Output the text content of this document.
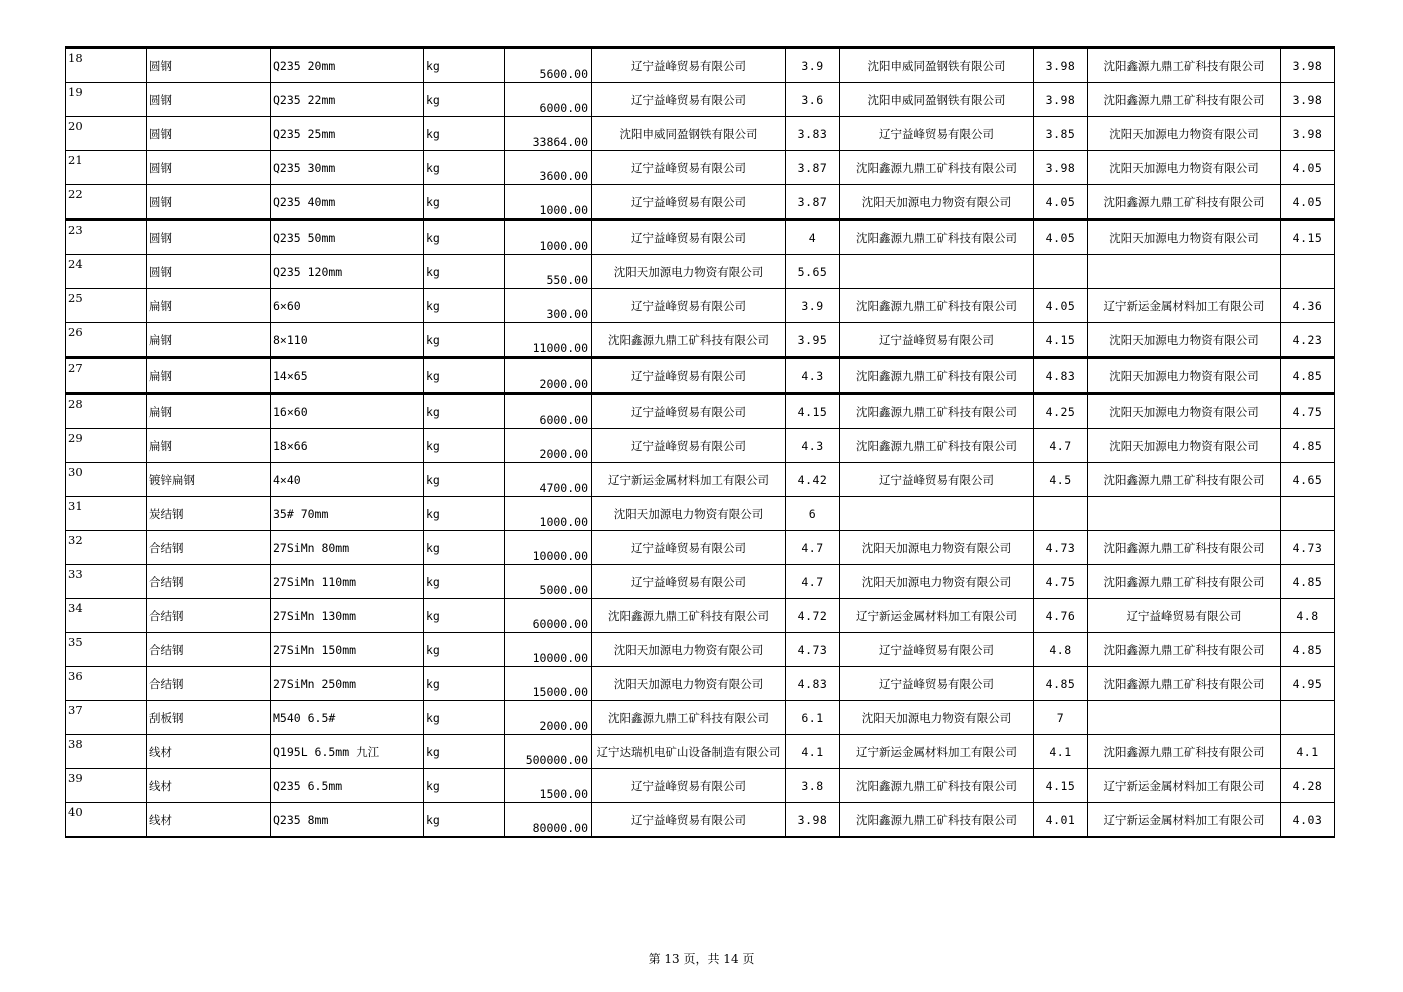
18	圆钢	Q235 20mm	kg	5600.00	辽宁益峰贸易有限公司	3.9	沈阳申威同盈钢铁有限公司	3.98	沈阳鑫源九鼎工矿科技有限公司	3.98
19	圆钢	Q235 22mm	kg	6000.00	辽宁益峰贸易有限公司	3.6	沈阳申威同盈钢铁有限公司	3.98	沈阳鑫源九鼎工矿科技有限公司	3.98
20	圆钢	Q235 25mm	kg	33864.00	沈阳申威同盈钢铁有限公司	3.83	辽宁益峰贸易有限公司	3.85	沈阳天加源电力物资有限公司	3.98
21	圆钢	Q235 30mm	kg	3600.00	辽宁益峰贸易有限公司	3.87	沈阳鑫源九鼎工矿科技有限公司	3.98	沈阳天加源电力物资有限公司	4.05
22	圆钢	Q235 40mm	kg	1000.00	辽宁益峰贸易有限公司	3.87	沈阳天加源电力物资有限公司	4.05	沈阳鑫源九鼎工矿科技有限公司	4.05
23	圆钢	Q235 50mm	kg	1000.00	辽宁益峰贸易有限公司	4	沈阳鑫源九鼎工矿科技有限公司	4.05	沈阳天加源电力物资有限公司	4.15
24	圆钢	Q235 120mm	kg	550.00	沈阳天加源电力物资有限公司	5.65				
25	扁钢	6×60	kg	300.00	辽宁益峰贸易有限公司	3.9	沈阳鑫源九鼎工矿科技有限公司	4.05	辽宁新运金属材料加工有限公司	4.36
26	扁钢	8×110	kg	11000.00	沈阳鑫源九鼎工矿科技有限公司	3.95	辽宁益峰贸易有限公司	4.15	沈阳天加源电力物资有限公司	4.23
27	扁钢	14×65	kg	2000.00	辽宁益峰贸易有限公司	4.3	沈阳鑫源九鼎工矿科技有限公司	4.83	沈阳天加源电力物资有限公司	4.85
28	扁钢	16×60	kg	6000.00	辽宁益峰贸易有限公司	4.15	沈阳鑫源九鼎工矿科技有限公司	4.25	沈阳天加源电力物资有限公司	4.75
29	扁钢	18×66	kg	2000.00	辽宁益峰贸易有限公司	4.3	沈阳鑫源九鼎工矿科技有限公司	4.7	沈阳天加源电力物资有限公司	4.85
30	镀锌扁钢	4×40	kg	4700.00	辽宁新运金属材料加工有限公司	4.42	辽宁益峰贸易有限公司	4.5	沈阳鑫源九鼎工矿科技有限公司	4.65
31	炭结钢	35# 70mm	kg	1000.00	沈阳天加源电力物资有限公司	6				
32	合结钢	27SiMn 80mm	kg	10000.00	辽宁益峰贸易有限公司	4.7	沈阳天加源电力物资有限公司	4.73	沈阳鑫源九鼎工矿科技有限公司	4.73
33	合结钢	27SiMn 110mm	kg	5000.00	辽宁益峰贸易有限公司	4.7	沈阳天加源电力物资有限公司	4.75	沈阳鑫源九鼎工矿科技有限公司	4.85
34	合结钢	27SiMn 130mm	kg	60000.00	沈阳鑫源九鼎工矿科技有限公司	4.72	辽宁新运金属材料加工有限公司	4.76	辽宁益峰贸易有限公司	4.8
35	合结钢	27SiMn 150mm	kg	10000.00	沈阳天加源电力物资有限公司	4.73	辽宁益峰贸易有限公司	4.8	沈阳鑫源九鼎工矿科技有限公司	4.85
36	合结钢	27SiMn 250mm	kg	15000.00	沈阳天加源电力物资有限公司	4.83	辽宁益峰贸易有限公司	4.85	沈阳鑫源九鼎工矿科技有限公司	4.95
37	刮板钢	M540 6.5#	kg	2000.00	沈阳鑫源九鼎工矿科技有限公司	6.1	沈阳天加源电力物资有限公司	7		
38	线材	Q195L 6.5mm 九江	kg	500000.00	辽宁达瑞机电矿山设备制造有限公司	4.1	辽宁新运金属材料加工有限公司	4.1	沈阳鑫源九鼎工矿科技有限公司	4.1
39	线材	Q235 6.5mm	kg	1500.00	辽宁益峰贸易有限公司	3.8	沈阳鑫源九鼎工矿科技有限公司	4.15	辽宁新运金属材料加工有限公司	4.28
40	线材	Q235 8mm	kg	80000.00	辽宁益峰贸易有限公司	3.98	沈阳鑫源九鼎工矿科技有限公司	4.01	辽宁新运金属材料加工有限公司	4.03
第 13 页，共 14 页
